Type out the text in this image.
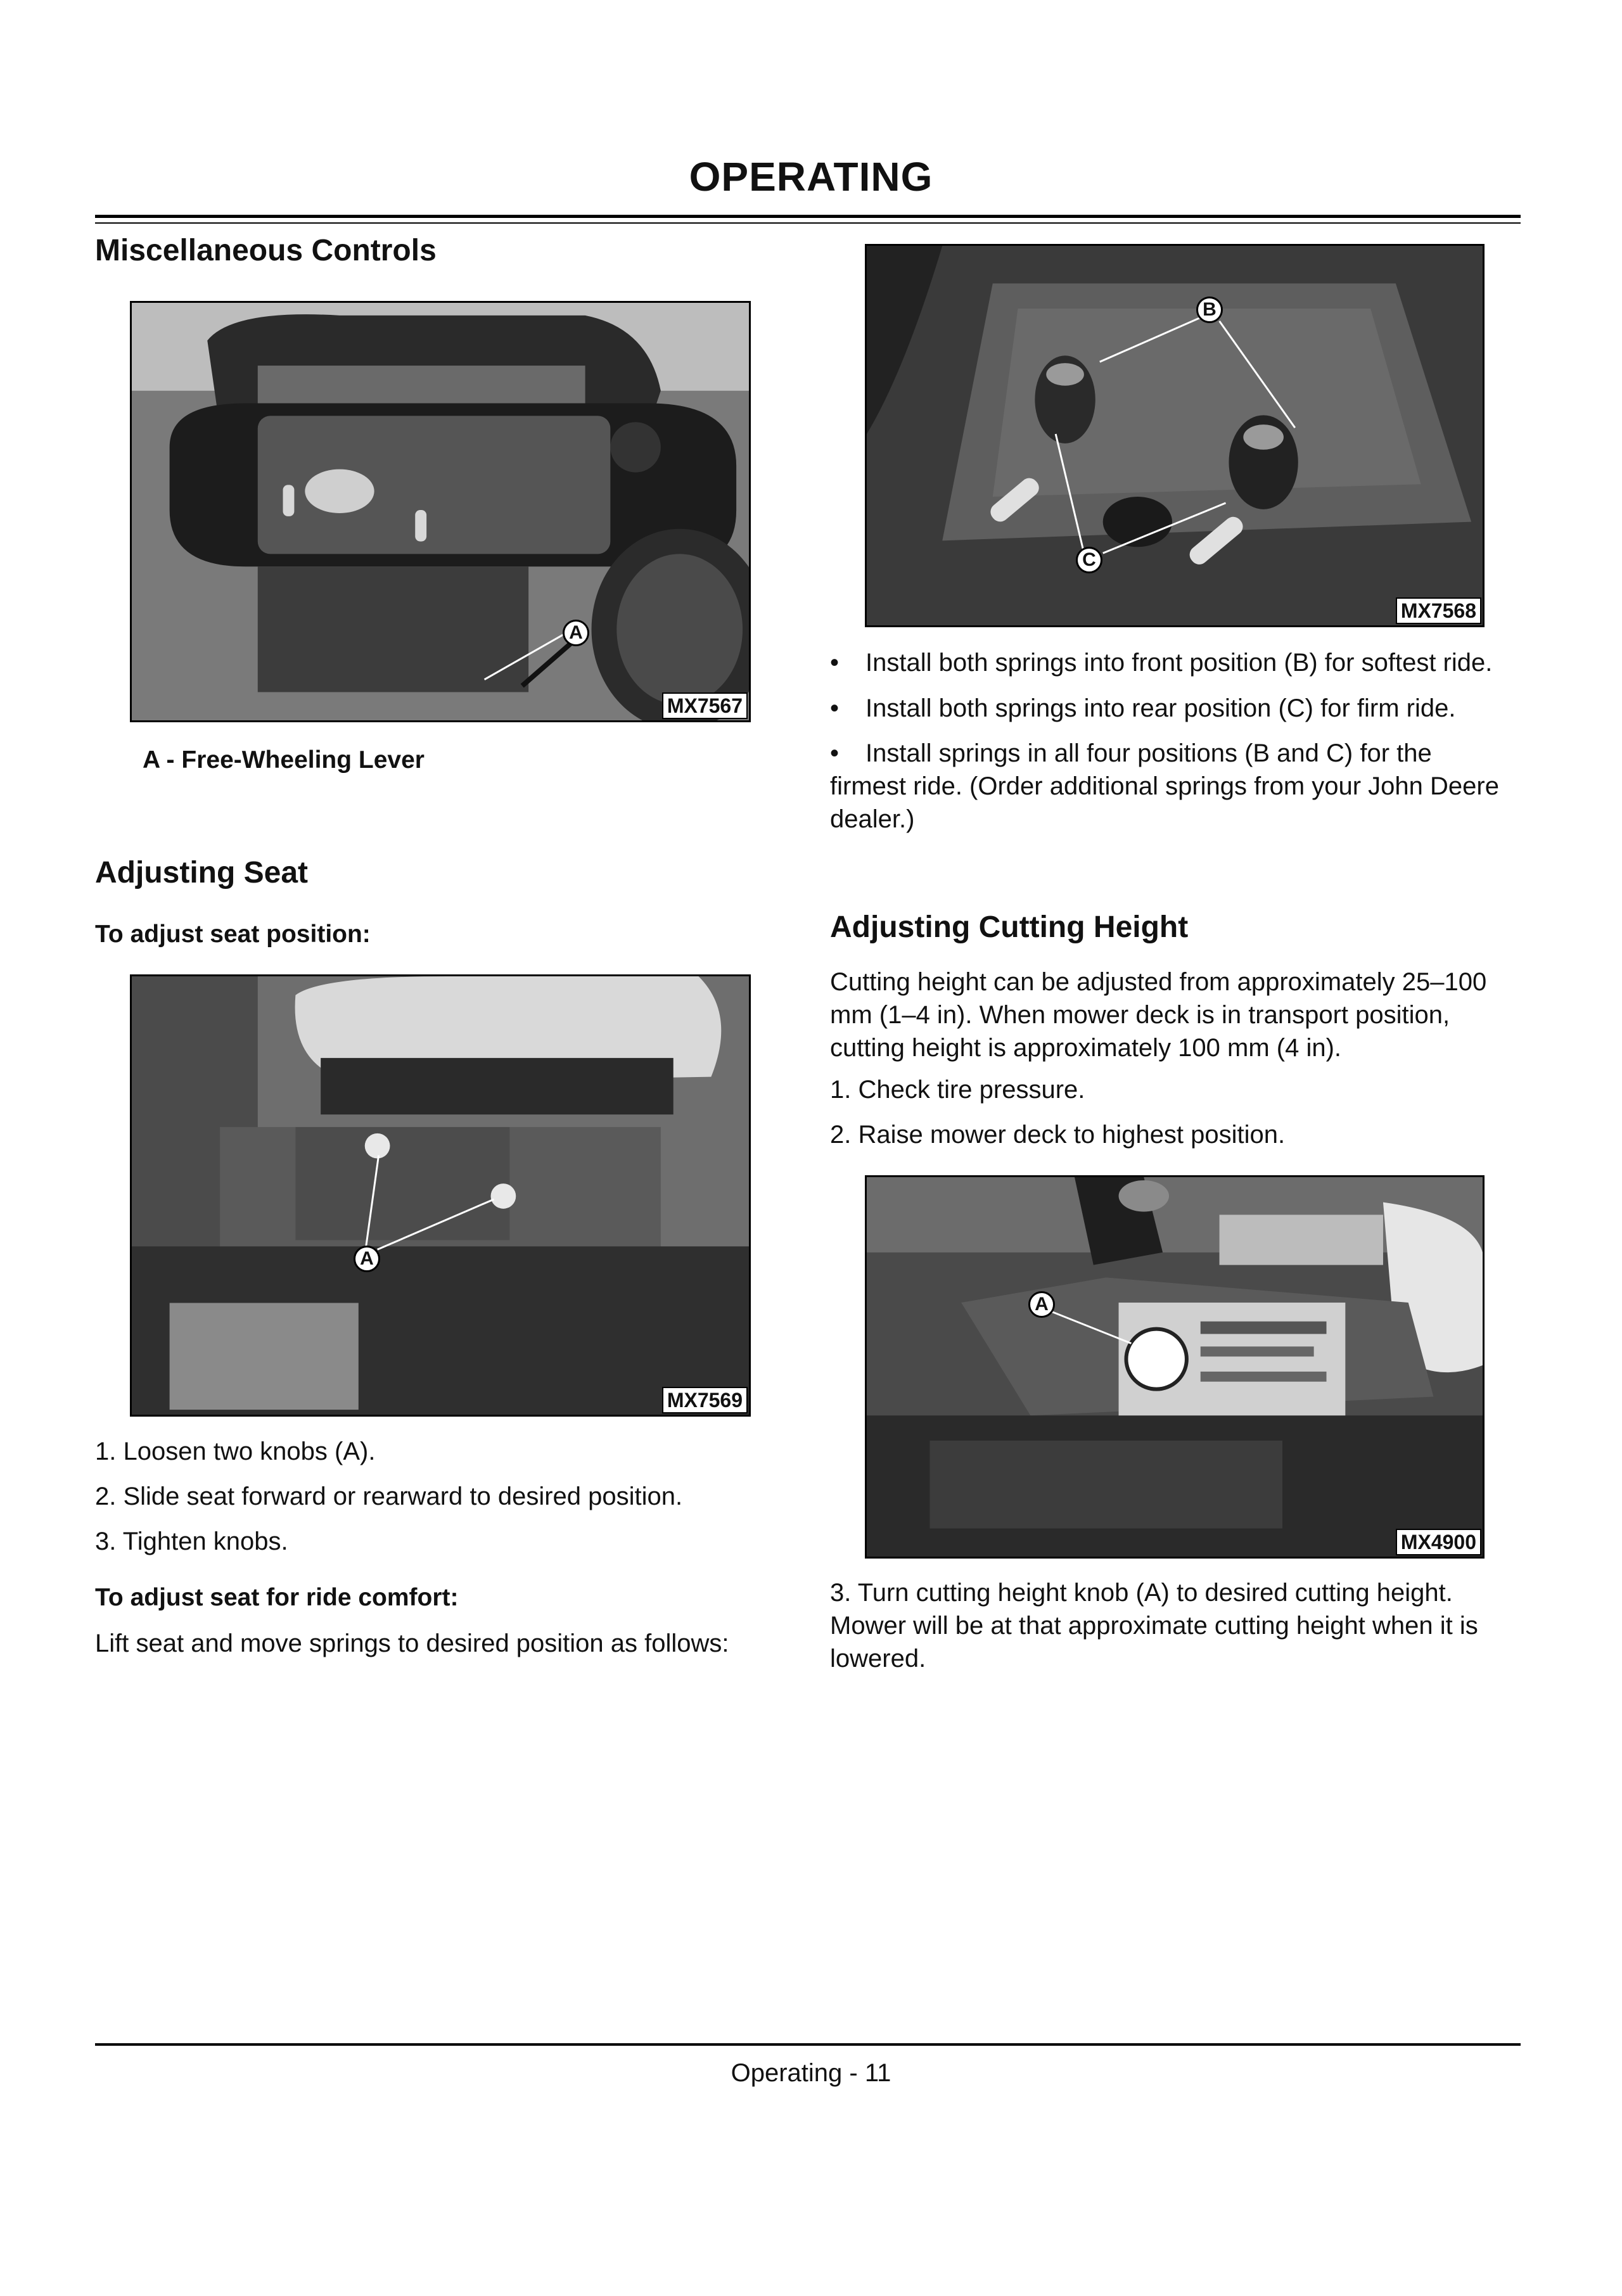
OPERATING
Miscellaneous Controls
A
MX7567
A - Free-Wheeling Lever
Adjusting Seat
To adjust seat position:
A
MX7569
1. Loosen two knobs (A).
2. Slide seat forward or rearward to desired position.
3. Tighten knobs.
To adjust seat for ride comfort:
Lift seat and move springs to desired position as follows:
B
C
MX7568
• Install both springs into front position (B) for softest ride.
• Install both springs into rear position (C) for firm ride.
• Install springs in all four positions (B and C) for the firmest ride. (Order additional springs from your John Deere dealer.)
Adjusting Cutting Height
Cutting height can be adjusted from approximately 25–100 mm (1–4 in). When mower deck is in transport position, cutting height is approximately 100 mm (4 in).
1. Check tire pressure.
2. Raise mower deck to highest position.
A
MX4900
3. Turn cutting height knob (A) to desired cutting height. Mower will be at that approximate cutting height when it is lowered.
Operating - 11
